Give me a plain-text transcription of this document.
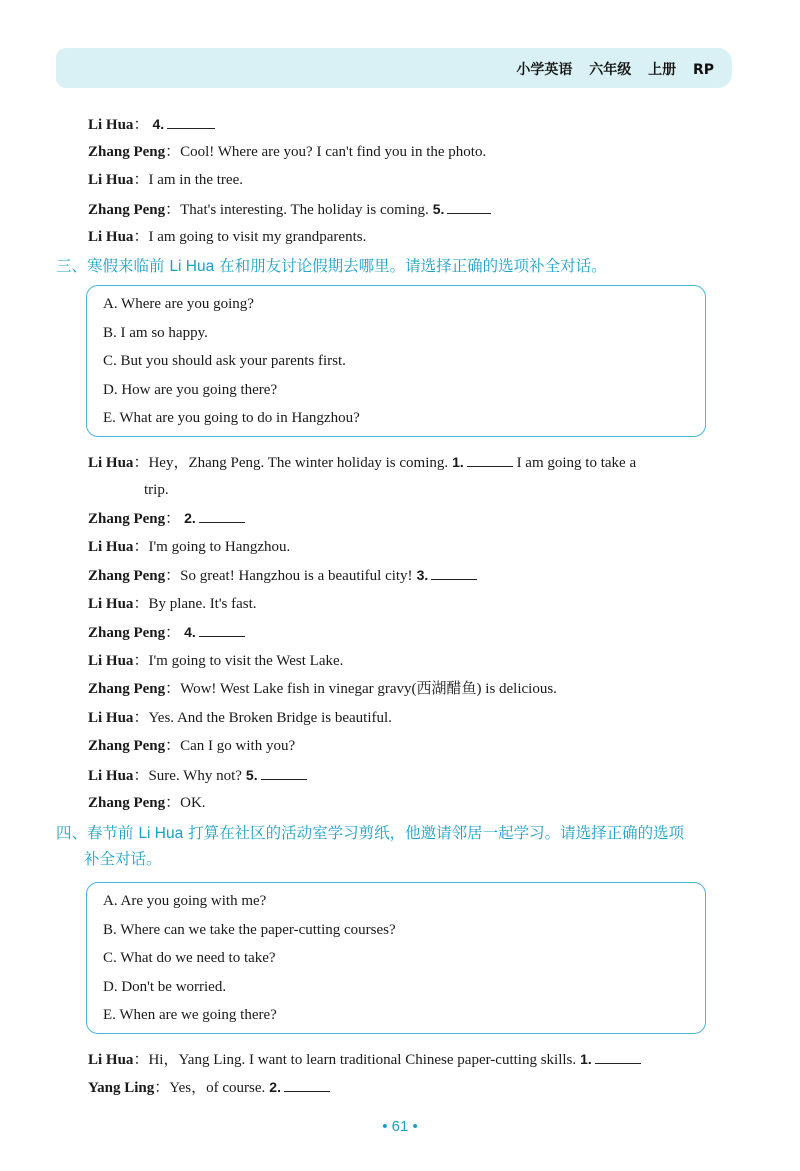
小学英语 六年级 上册 RP
Li Hua： 4.
Zhang Peng：Cool! Where are you? I can't find you in the photo.
Li Hua：I am in the tree.
Zhang Peng：That's interesting. The holiday is coming. 5.
Li Hua：I am going to visit my grandparents.
三、寒假来临前 Li Hua 在和朋友讨论假期去哪里。请选择正确的选项补全对话。
A. Where are you going?
B. I am so happy.
C. But you should ask your parents first.
D. How are you going there?
E. What are you going to do in Hangzhou?
Li Hua：Hey，Zhang Peng. The winter holiday is coming. 1.	I am going to take a
trip.
Zhang Peng： 2.
Li Hua：I'm going to Hangzhou.
Zhang Peng：So great! Hangzhou is a beautiful city! 3.
Li Hua：By plane. It's fast.
Zhang Peng： 4.
Li Hua：I'm going to visit the West Lake.
Zhang Peng：Wow! West Lake fish in vinegar gravy(西湖醋鱼) is delicious.
Li Hua：Yes. And the Broken Bridge is beautiful.
Zhang Peng：Can I go with you?
Li Hua：Sure. Why not? 5.
Zhang Peng：OK.
四、春节前 Li Hua 打算在社区的活动室学习剪纸，他邀请邻居一起学习。请选择正确的选项
补全对话。
A. Are you going with me?
B. Where can we take the paper-cutting courses?
C. What do we need to take?
D. Don't be worried.
E. When are we going there?
Li Hua：Hi，Yang Ling. I want to learn traditional Chinese paper-cutting skills. 1.
Yang Ling：Yes，of course. 2.
• 61 •
